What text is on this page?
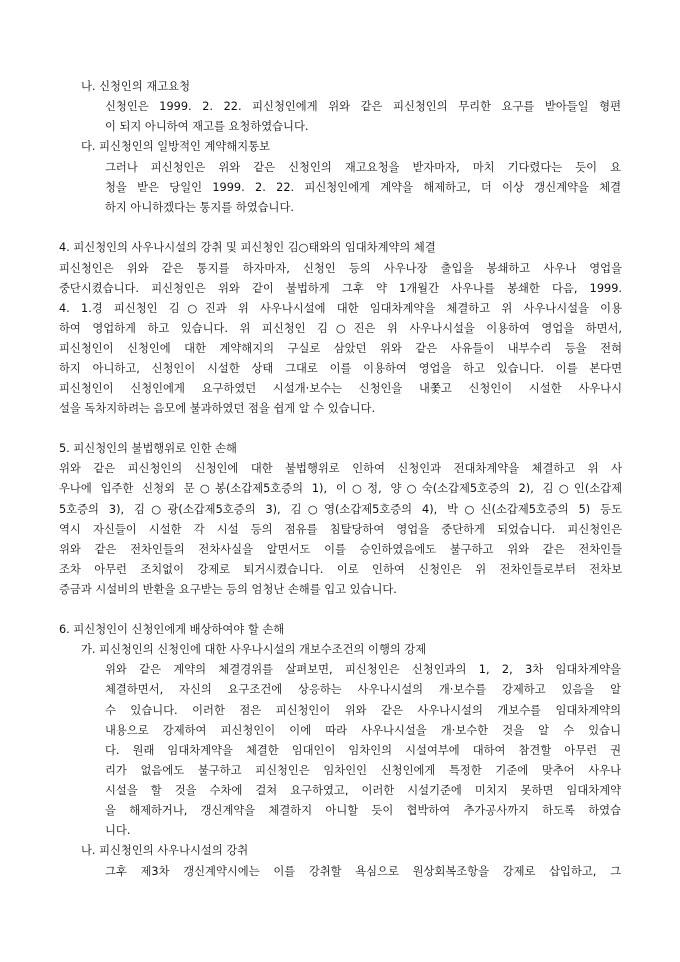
나. 신청인의 재고요청
신청인은 1999. 2. 22. 피신청인에게 위와 같은 피신청인의 무리한 요구를 받아들일 형편
이 되지 아니하여 재고를 요청하였습니다.
다. 피신청인의 일방적인 계약해지통보
그러나 피신청인은 위와 같은 신청인의 재고요청을 받자마자, 마치 기다렸다는 듯이 요
청을 받은 당일인 1999. 2. 22. 피신청인에게 계약을 해제하고, 더 이상 갱신계약을 체결
하지 아니하겠다는 통지를 하였습니다.
4. 피신청인의 사우나시설의 강취 및 피신청인 김○태와의 임대차계약의 체결
피신청인은 위와 같은 통지를 하자마자, 신청인 등의 사우나장 출입을 봉쇄하고 사우나 영업을
중단시켰습니다. 피신청인은 위와 같이 불법하게 그후 약 1개월간 사우나를 봉쇄한 다음, 1999.
4. 1.경 피신청인 김○진과 위 사우나시설에 대한 임대차계약을 체결하고 위 사우나시설을 이용
하여 영업하게 하고 있습니다. 위 피신청인 김○진은 위 사우나시설을 이용하여 영업을 하면서,
피신청인이 신청인에 대한 계약해지의 구실로 삼았던 위와 같은 사유들이 내부수리 등을 전혀
하지 아니하고, 신청인이 시설한 상태 그대로 이를 이용하여 영업을 하고 있습니다. 이를 본다면
피신청인이 신청인에게 요구하였던 시설개·보수는 신청인을 내쫓고 신청인이 시설한 사우나시
설을 독차지하려는 음모에 불과하였던 점을 쉽게 알 수 있습니다.
5. 피신청인의 불법행위로 인한 손해
위와 같은 피신청인의 신청인에 대한 불법행위로 인하여 신청인과 전대차계약을 체결하고 위 사
우나에 입주한 신청외 문○봉(소갑제5호증의 1), 이○정, 양○숙(소갑제5호증의 2), 김○인(소갑제
5호증의 3), 김○광(소갑제5호증의 3), 김○영(소갑제5호증의 4), 박○신(소갑제5호증의 5) 등도
역시 자신들이 시설한 각 시설 등의 점유를 침탈당하여 영업을 중단하게 되었습니다. 피신청인은
위와 같은 전차인들의 전차사실을 알면서도 이를 승인하였음에도 불구하고 위와 같은 전차인들
조차 아무런 조치없이 강제로 퇴거시켰습니다. 이로 인하여 신청인은 위 전차인들로부터 전차보
증금과 시설비의 반환을 요구받는 등의 엄청난 손해를 입고 있습니다.
6. 피신청인이 신청인에게 배상하여야 할 손해
가. 피신청인의 신청인에 대한 사우나시설의 개보수조건의 이행의 강제
위와 같은 계약의 체결경위를 살펴보면, 피신청인은 신청인과의 1, 2, 3차 임대차계약을
체결하면서, 자신의 요구조건에 상응하는 사우나시설의 개·보수를 강제하고 있음을 알
수 있습니다. 이러한 점은 피신청인이 위와 같은 사우나시설의 개보수를 임대차계약의
내용으로 강제하여 피신청인이 이에 따라 사우나시설을 개·보수한 것을 알 수 있습니
다. 원래 임대차계약을 체결한 임대인이 임차인의 시설여부에 대하여 참견할 아무런 권
리가 없음에도 불구하고 피신청인은 임차인인 신청인에게 특정한 기준에 맞추어 사우나
시설을 할 것을 수차에 걸쳐 요구하였고, 이러한 시설기준에 미치지 못하면 임대차계약
을 해제하거나, 갱신계약을 체결하지 아니할 듯이 협박하여 추가공사까지 하도록 하였습
니다.
나. 피신청인의 사우나시설의 강취
그후 제3차 갱신계약시에는 이를 강취할 욕심으로 원상회복조항을 강제로 삽입하고, 그
